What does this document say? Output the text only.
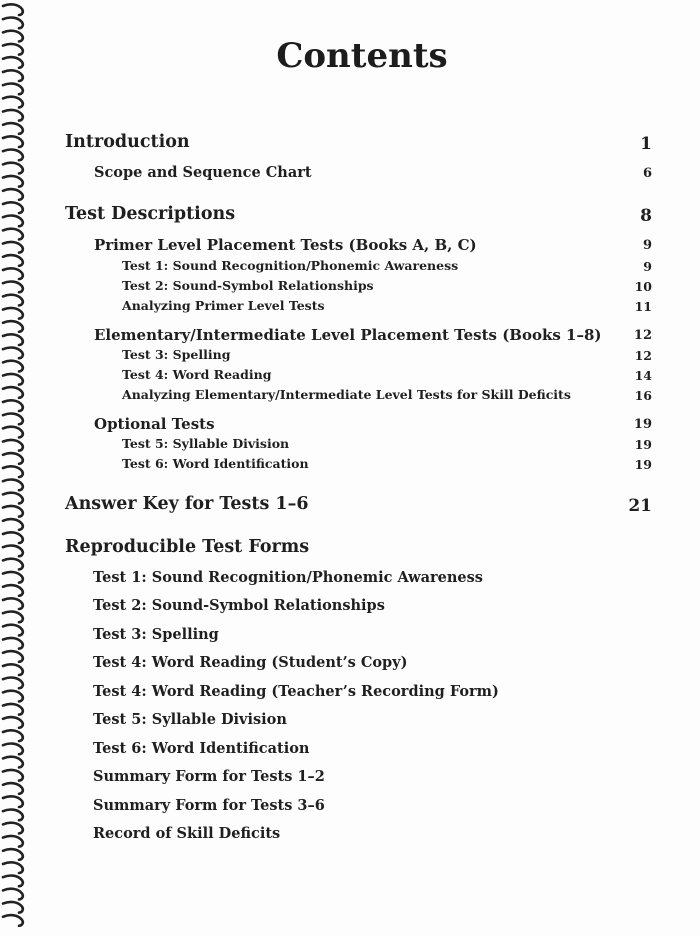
Contents
Introduction	1
Scope and Sequence Chart	6
Test Descriptions	8
Primer Level Placement Tests (Books A, B, C)	9
Test 1: Sound Recognition/Phonemic Awareness	9
Test 2: Sound-Symbol Relationships	10
Analyzing Primer Level Tests	11
Elementary/Intermediate Level Placement Tests (Books 1–8) 12
Test 3: Spelling	12
Test 4: Word Reading	14
Analyzing Elementary/Intermediate Level Tests for Skill Deficits	16
Optional Tests	19
Test 5: Syllable Division	19
Test 6: Word Identification	19
Answer Key for Tests 1–6	21
Reproducible Test Forms
Test 1: Sound Recognition/Phonemic Awareness
Test 2: Sound-Symbol Relationships
Test 3: Spelling
Test 4: Word Reading (Student’s Copy)
Test 4: Word Reading (Teacher’s Recording Form)
Test 5: Syllable Division
Test 6: Word Identification
Summary Form for Tests 1–2
Summary Form for Tests 3–6
Record of Skill Deficits
